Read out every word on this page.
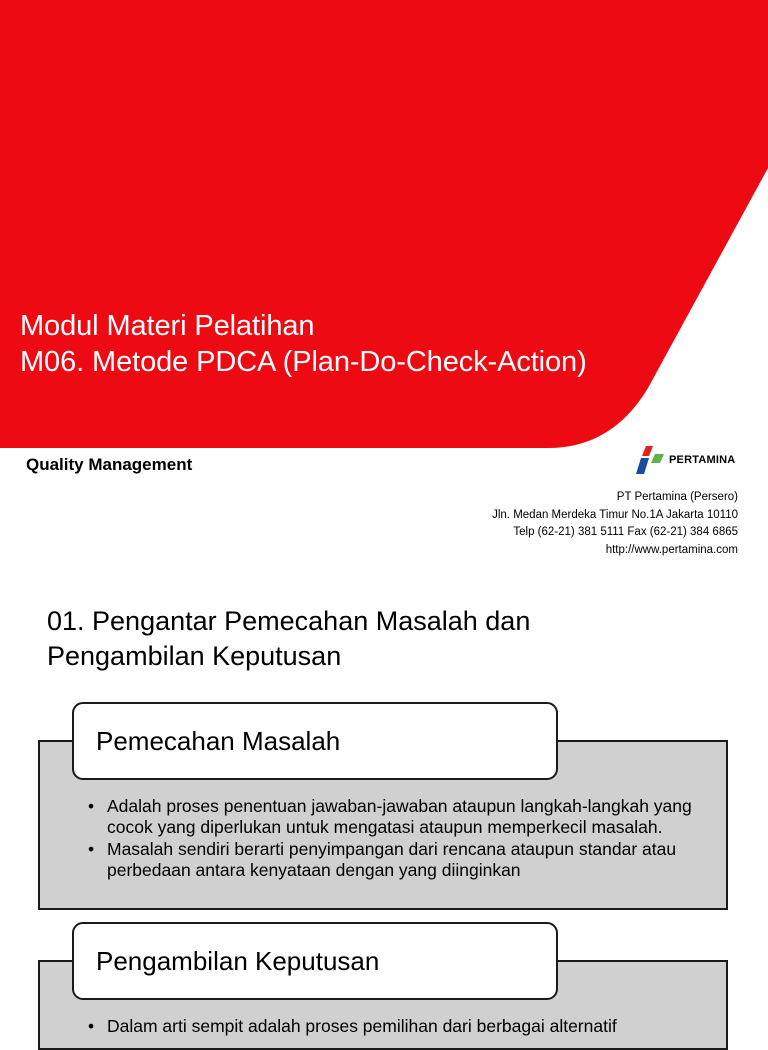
Modul Materi Pelatihan
M06. Metode PDCA (Plan-Do-Check-Action)
Quality Management	PERTAMINA
PT Pertamina (Persero)
Jln. Medan Merdeka Timur No.1A Jakarta 10110
Telp (62-21) 381 5111 Fax (62-21) 384 6865
http://www.pertamina.com
01. Pengantar Pemecahan Masalah dan
Pengambilan Keputusan
Pemecahan Masalah
• Adalah proses penentuan jawaban-jawaban ataupun langkah-langkah yang cocok yang diperlukan untuk mengatasi ataupun memperkecil masalah.
• Masalah sendiri berarti penyimpangan dari rencana ataupun standar atau perbedaan antara kenyataan dengan yang diinginkan
Pengambilan Keputusan
• Dalam arti sempit adalah proses pemilihan dari berbagai alternatif
